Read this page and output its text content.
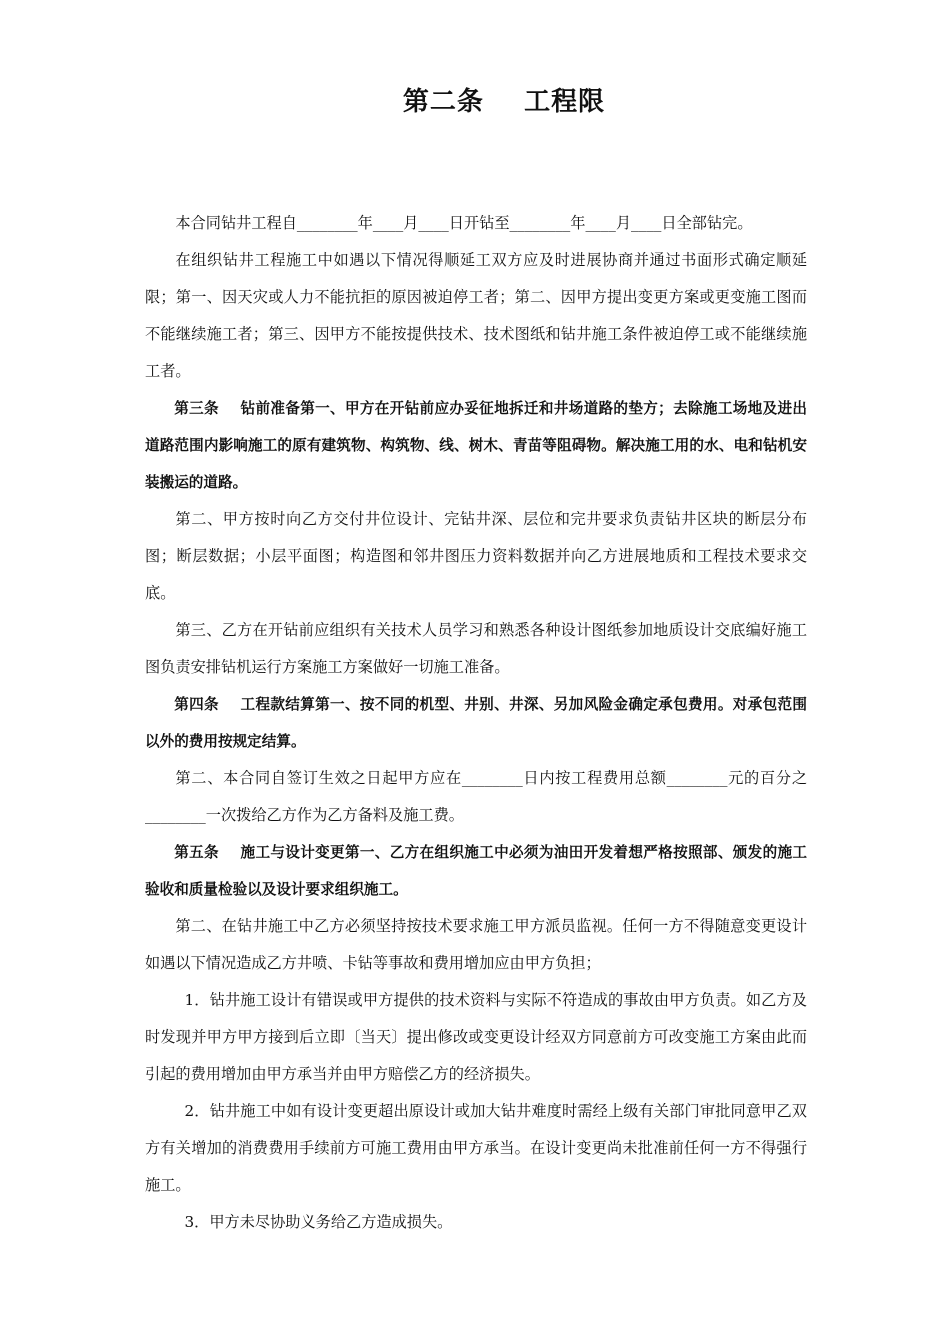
第二条    工程限

本合同钻井工程自________年____月____日开钻至________年____月____日全部钻完。

在组织钻井工程施工中如遇以下情况得顺延工双方应及时进展协商并通过书面形式确定顺延限；第一、因天灾或人力不能抗拒的原因被迫停工者；第二、因甲方提出变更方案或更变施工图而不能继续施工者；第三、因甲方不能按提供技术、技术图纸和钻井施工条件被迫停工或不能继续施工者。

第三条    钻前准备第一、甲方在开钻前应办妥征地拆迁和井场道路的垫方；去除施工场地及进出道路范围内影响施工的原有建筑物、构筑物、线、树木、青苗等阻碍物。解决施工用的水、电和钻机安装搬运的道路。

第二、甲方按时向乙方交付井位设计、完钻井深、层位和完井要求负责钻井区块的断层分布图；断层数据；小层平面图；构造图和邻井图压力资料数据并向乙方进展地质和工程技术要求交底。

第三、乙方在开钻前应组织有关技术人员学习和熟悉各种设计图纸参加地质设计交底编好施工图负责安排钻机运行方案施工方案做好一切施工准备。

第四条    工程款结算第一、按不同的机型、井别、井深、另加风险金确定承包费用。对承包范围以外的费用按规定结算。

第二、本合同自签订生效之日起甲方应在________日内按工程费用总额________元的百分之________一次拨给乙方作为乙方备料及施工费。

第五条    施工与设计变更第一、乙方在组织施工中必须为油田开发着想严格按照部、颁发的施工验收和质量检验以及设计要求组织施工。

第二、在钻井施工中乙方必须坚持按技术要求施工甲方派员监视。任何一方不得随意变更设计如遇以下情况造成乙方井喷、卡钻等事故和费用增加应由甲方负担；

1．钻井施工设计有错误或甲方提供的技术资料与实际不符造成的事故由甲方负责。如乙方及时发现并甲方甲方接到后立即〔当天〕提出修改或变更设计经双方同意前方可改变施工方案由此而引起的费用增加由甲方承当并由甲方赔偿乙方的经济损失。

2．钻井施工中如有设计变更超出原设计或加大钻井难度时需经上级有关部门审批同意甲乙双方有关增加的消费费用手续前方可施工费用由甲方承当。在设计变更尚未批准前任何一方不得强行施工。

3．甲方未尽协助义务给乙方造成损失。
